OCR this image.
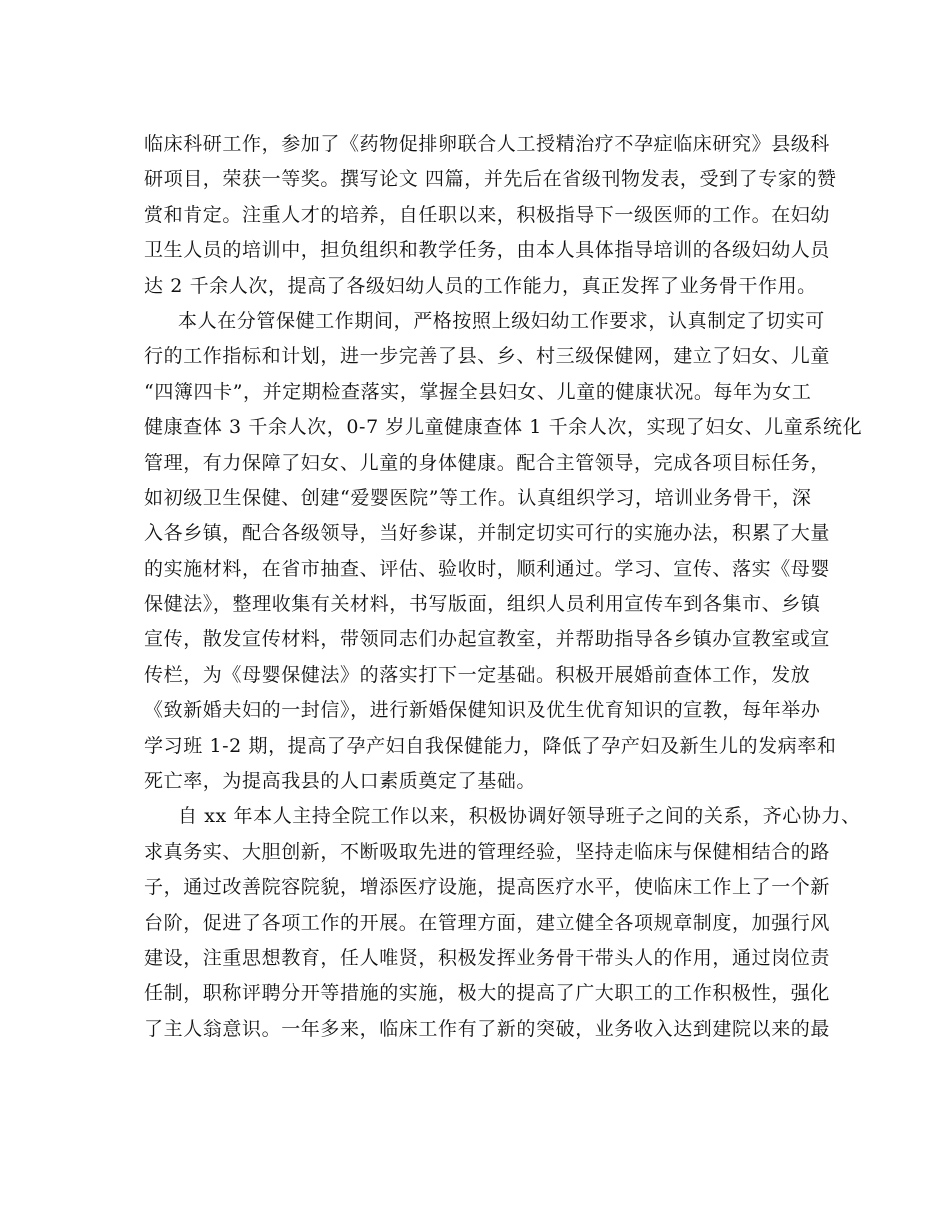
临床科研工作，参加了《药物促排卵联合人工授精治疗不孕症临床研究》县级科
研项目，荣获一等奖。撰写论文 四篇，并先后在省级刊物发表，受到了专家的赞
赏和肯定。注重人才的培养，自任职以来，积极指导下一级医师的工作。在妇幼
卫生人员的培训中，担负组织和教学任务，由本人具体指导培训的各级妇幼人员
达 2 千余人次，提高了各级妇幼人员的工作能力，真正发挥了业务骨干作用。
本人在分管保健工作期间，严格按照上级妇幼工作要求，认真制定了切实可
行的工作指标和计划，进一步完善了县、乡、村三级保健网，建立了妇女、儿童
“四簿四卡”，并定期检查落实，掌握全县妇女、儿童的健康状况。每年为女工
健康查体 3 千余人次，0-7 岁儿童健康查体 1 千余人次，实现了妇女、儿童系统化
管理，有力保障了妇女、儿童的身体健康。配合主管领导，完成各项目标任务，
如初级卫生保健、创建“爱婴医院”等工作。认真组织学习，培训业务骨干，深
入各乡镇，配合各级领导，当好参谋，并制定切实可行的实施办法，积累了大量
的实施材料，在省市抽查、评估、验收时，顺利通过。学习、宣传、落实《母婴
保健法》，整理收集有关材料，书写版面，组织人员利用宣传车到各集市、乡镇
宣传，散发宣传材料，带领同志们办起宣教室，并帮助指导各乡镇办宣教室或宣
传栏，为《母婴保健法》的落实打下一定基础。积极开展婚前查体工作，发放
《致新婚夫妇的一封信》，进行新婚保健知识及优生优育知识的宣教，每年举办
学习班 1-2 期，提高了孕产妇自我保健能力，降低了孕产妇及新生儿的发病率和
死亡率，为提高我县的人口素质奠定了基础。
自 xx 年本人主持全院工作以来，积极协调好领导班子之间的关系，齐心协力、
求真务实、大胆创新，不断吸取先进的管理经验，坚持走临床与保健相结合的路
子，通过改善院容院貌，增添医疗设施，提高医疗水平，使临床工作上了一个新
台阶，促进了各项工作的开展。在管理方面，建立健全各项规章制度，加强行风
建设，注重思想教育，任人唯贤，积极发挥业务骨干带头人的作用，通过岗位责
任制，职称评聘分开等措施的实施，极大的提高了广大职工的工作积极性，强化
了主人翁意识。一年多来，临床工作有了新的突破，业务收入达到建院以来的最
